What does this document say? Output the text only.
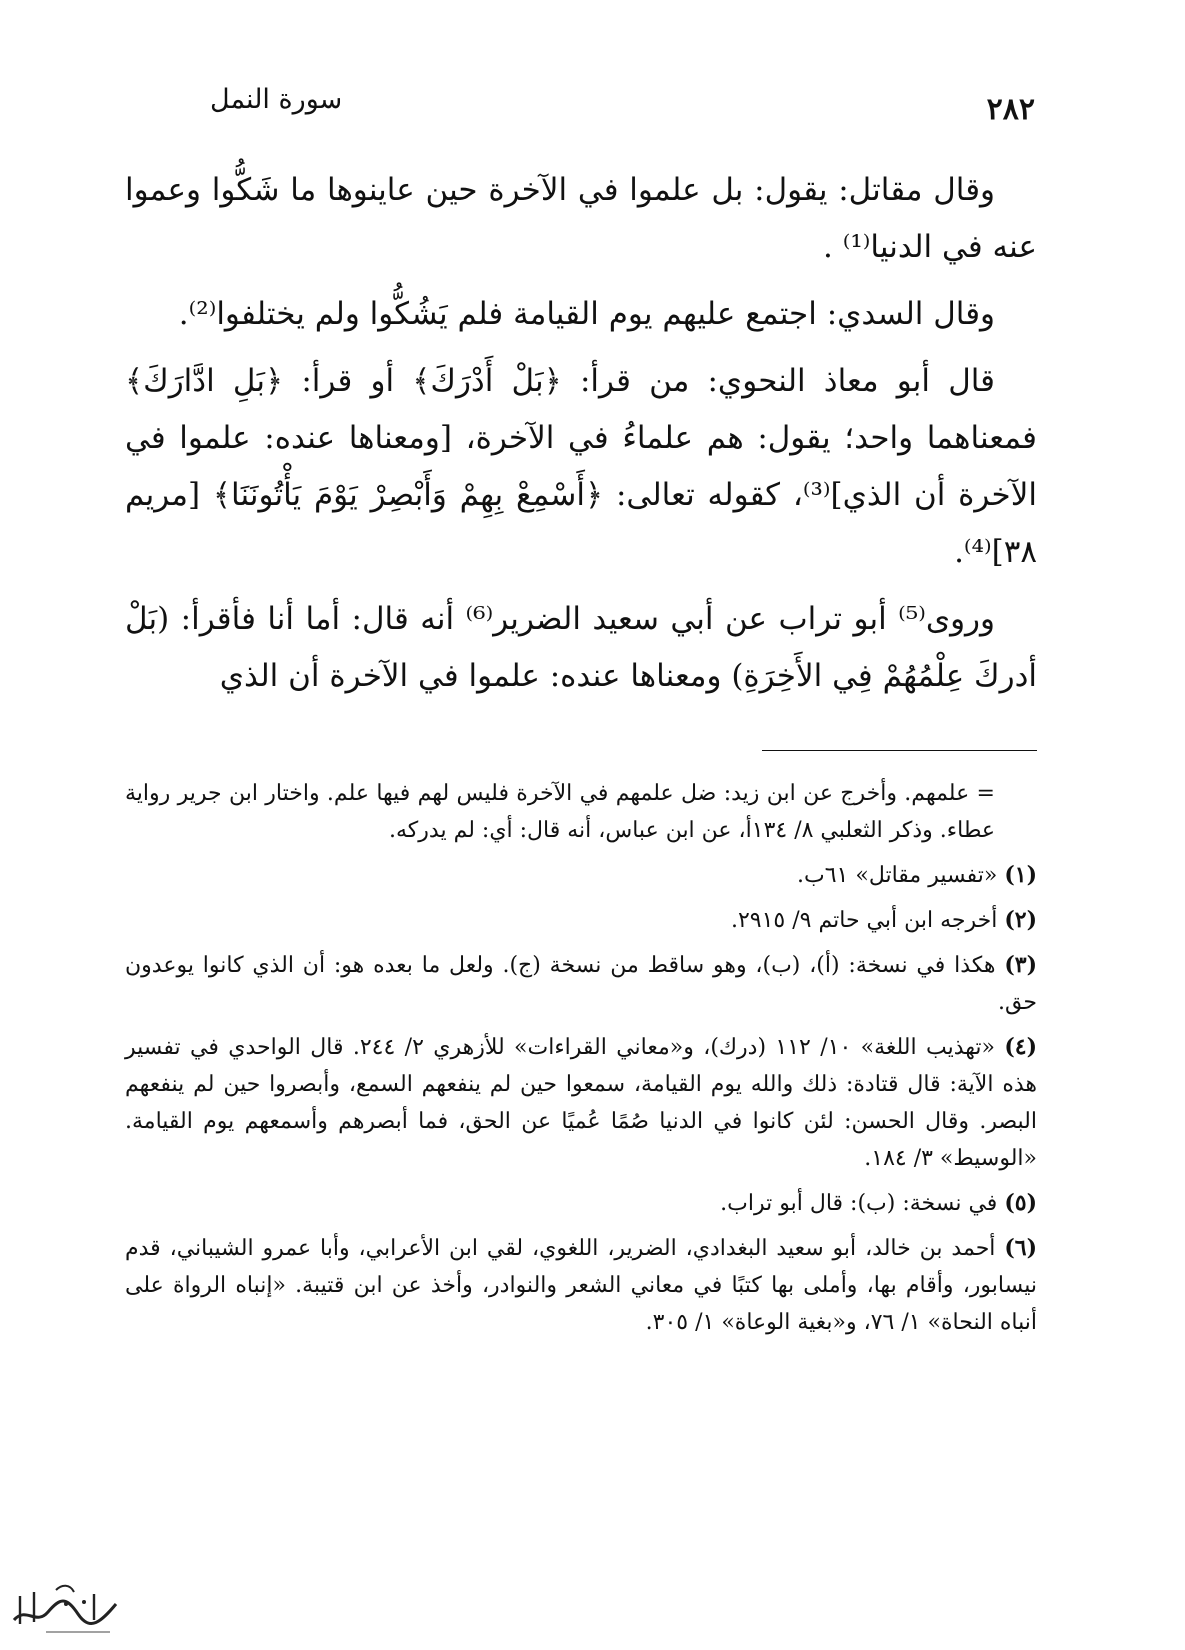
٢٨٢
سورة النمل

وقال مقاتل: يقول: بل علموا في الآخرة حين عاينوها ما شَكُّوا وعموا عنه في الدنيا⁽¹⁾ .

وقال السدي: اجتمع عليهم يوم القيامة فلم يَشُكُّوا ولم يختلفوا⁽²⁾.

قال أبو معاذ النحوي: من قرأ: ﴿بَلْ أَدْرَكَ﴾ أو قرأ: ﴿بَلِ ادَّارَكَ﴾ فمعناهما واحد؛ يقول: هم علماءُ في الآخرة، [ومعناها عنده: علموا في الآخرة أن الذي]⁽³⁾، كقوله تعالى: ﴿أَسْمِعْ بِهِمْ وَأَبْصِرْ يَوْمَ يَأْتُونَنَا﴾ [مريم ٣٨]⁽⁴⁾.

وروى⁽⁵⁾ أبو تراب عن أبي سعيد الضرير⁽⁶⁾ أنه قال: أما أنا فأقرأ: (بَلْ أدركَ عِلْمُهُمْ فِي الأَخِرَةِ) ومعناها عنده: علموا في الآخرة أن الذي

= علمهم. وأخرج عن ابن زيد: ضل علمهم في الآخرة فليس لهم فيها علم. واختار ابن جرير رواية عطاء. وذكر الثعلبي ٨/ ١٣٤أ، عن ابن عباس، أنه قال: أي: لم يدركه.
(١) «تفسير مقاتل» ٦١ب.
(٢) أخرجه ابن أبي حاتم ٩/ ٢٩١٥.
(٣) هكذا في نسخة: (أ)، (ب)، وهو ساقط من نسخة (ج). ولعل ما بعده هو: أن الذي كانوا يوعدون حق.
(٤) «تهذيب اللغة» ١٠/ ١١٢ (درك)، و«معاني القراءات» للأزهري ٢/ ٢٤٤. قال الواحدي في تفسير هذه الآية: قال قتادة: ذلك والله يوم القيامة، سمعوا حين لم ينفعهم السمع، وأبصروا حين لم ينفعهم البصر. وقال الحسن: لئن كانوا في الدنيا صُمًا عُميًا عن الحق، فما أبصرهم وأسمعهم يوم القيامة. «الوسيط» ٣/ ١٨٤.
(٥) في نسخة: (ب): قال أبو تراب.
(٦) أحمد بن خالد، أبو سعيد البغدادي، الضرير، اللغوي، لقي ابن الأعرابي، وأبا عمرو الشيباني، قدم نيسابور، وأقام بها، وأملى بها كتبًا في معاني الشعر والنوادر، وأخذ عن ابن قتيبة. «إنباه الرواة على أنباه النحاة» ١/ ٧٦، و«بغية الوعاة» ١/ ٣٠٥.
